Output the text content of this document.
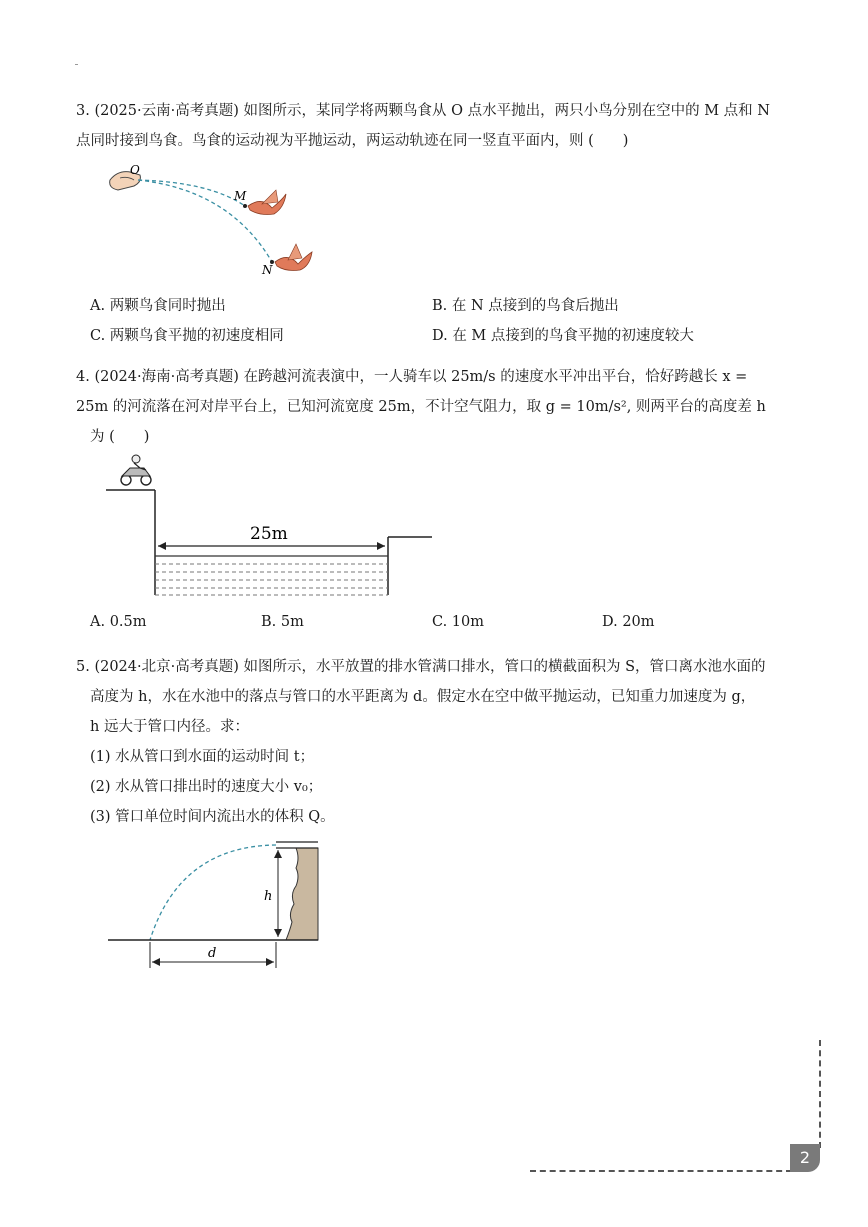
3. (2025·云南·高考真题) 如图所示，某同学将两颗鸟食从 O 点水平抛出，两只小鸟分别在空中的 M 点和 N
点同时接到鸟食。鸟食的运动视为平抛运动，两运动轨迹在同一竖直平面内，则 (　　)
O
M
N
A. 两颗鸟食同时抛出	B. 在 N 点接到的鸟食后抛出
C. 两颗鸟食平抛的初速度相同	D. 在 M 点接到的鸟食平抛的初速度较大
4. (2024·海南·高考真题) 在跨越河流表演中，一人骑车以 25m/s 的速度水平冲出平台，恰好跨越长 x =
25m 的河流落在河对岸平台上，已知河流宽度 25m，不计空气阻力，取 g = 10m/s², 则两平台的高度差 h
为 (　　)
25m
A. 0.5m	B. 5m	C. 10m	D. 20m
5. (2024·北京·高考真题) 如图所示，水平放置的排水管满口排水，管口的横截面积为 S，管口离水池水面的
高度为 h，水在水池中的落点与管口的水平距离为 d。假定水在空中做平抛运动，已知重力加速度为 g，
h 远大于管口内径。求：
(1) 水从管口到水面的运动时间 t；
(2) 水从管口排出时的速度大小 v₀；
(3) 管口单位时间内流出水的体积 Q。
h
d
2
